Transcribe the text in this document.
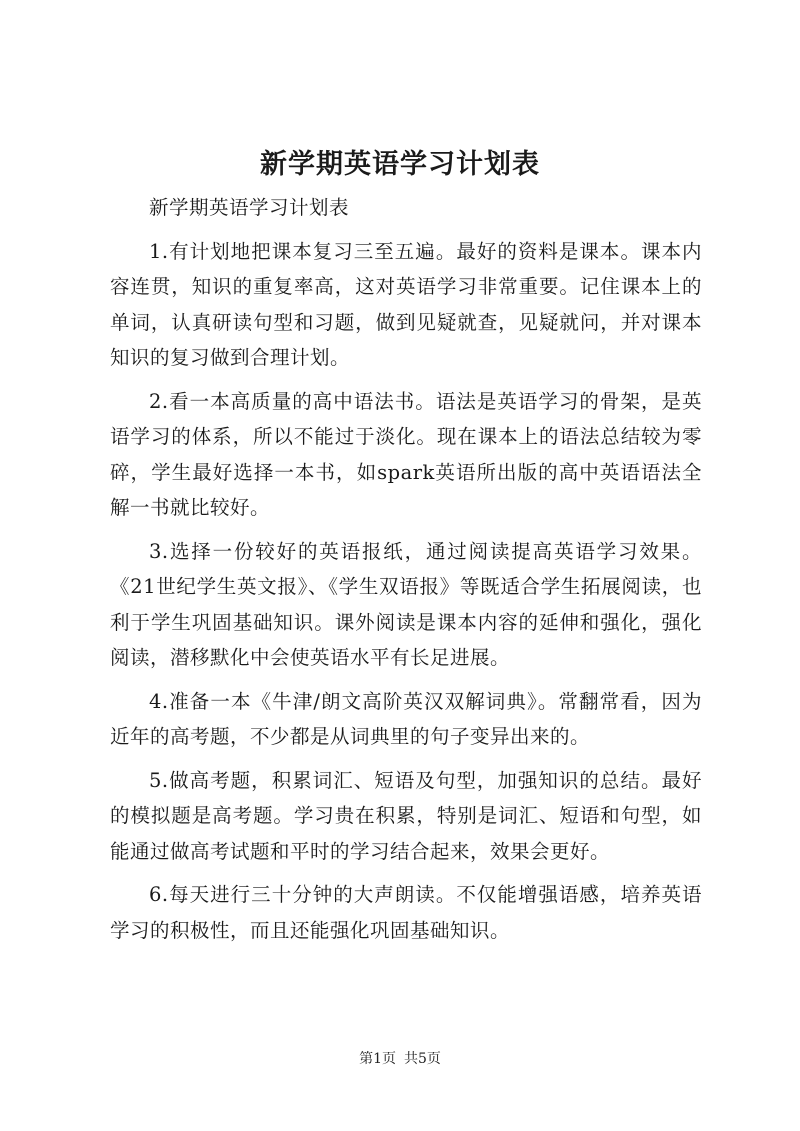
新学期英语学习计划表

新学期英语学习计划表

1.有计划地把课本复习三至五遍。最好的资料是课本。课本内容连贯，知识的重复率高，这对英语学习非常重要。记住课本上的单词，认真研读句型和习题，做到见疑就查，见疑就问，并对课本知识的复习做到合理计划。

2.看一本高质量的高中语法书。语法是英语学习的骨架，是英语学习的体系，所以不能过于淡化。现在课本上的语法总结较为零碎，学生最好选择一本书，如spark英语所出版的高中英语语法全解一书就比较好。

3.选择一份较好的英语报纸，通过阅读提高英语学习效果。《21世纪学生英文报》、《学生双语报》等既适合学生拓展阅读，也利于学生巩固基础知识。课外阅读是课本内容的延伸和强化，强化阅读，潜移默化中会使英语水平有长足进展。

4.准备一本《牛津/朗文高阶英汉双解词典》。常翻常看，因为近年的高考题，不少都是从词典里的句子变异出来的。

5.做高考题，积累词汇、短语及句型，加强知识的总结。最好的模拟题是高考题。学习贵在积累，特别是词汇、短语和句型，如能通过做高考试题和平时的学习结合起来，效果会更好。

6.每天进行三十分钟的大声朗读。不仅能增强语感，培养英语学习的积极性，而且还能强化巩固基础知识。

第1页 共5页
